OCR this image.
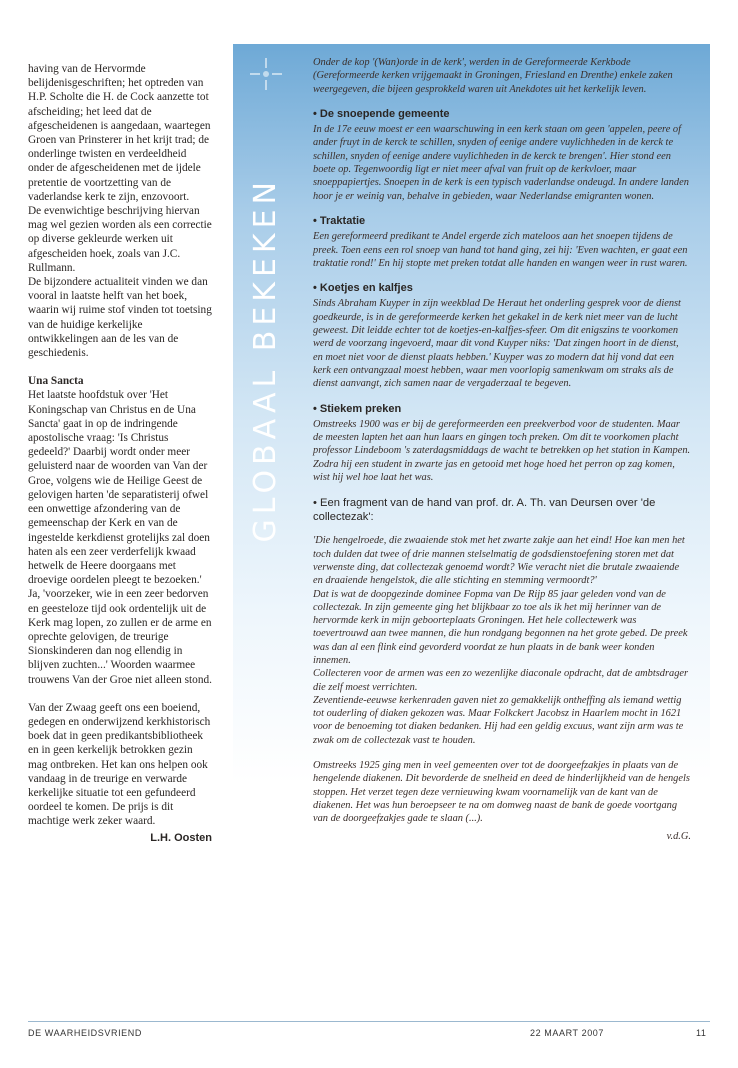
having van de Hervormde belijdenisgeschriften; het optreden van H.P. Scholte die H. de Cock aanzette tot afscheiding; het leed dat de afgescheidenen is aangedaan, waartegen Groen van Prinsterer in het krijt trad; de onderlinge twisten en verdeeldheid onder de afgescheidenen met de ijdele pretentie de voortzetting van de vaderlandse kerk te zijn, enzovoort.

De evenwichtige beschrijving hiervan mag wel gezien worden als een correctie op diverse gekleurde werken uit afgescheiden hoek, zoals van J.C. Rullmann.

De bijzondere actualiteit vinden we dan vooral in laatste helft van het boek, waarin wij ruime stof vinden tot toetsing van de huidige kerkelijke ontwikkelingen aan de les van de geschiedenis.

Una Sancta

Het laatste hoofdstuk over 'Het Koningschap van Christus en de Una Sancta' gaat in op de indringende apostolische vraag: 'Is Christus gedeeld?' Daarbij wordt onder meer geluisterd naar de woorden van Van der Groe, volgens wie de Heilige Geest de gelovigen harten 'de separatisterij ofwel een onwettige afzondering van de gemeenschap der Kerk en van de ingestelde kerkdienst grotelijks zal doen haten als een zeer verderfelijk kwaad hetwelk de Heere doorgaans met droevige oordelen pleegt te bezoeken.'

Ja, 'voorzeker, wie in een zeer bedorven en geesteloze tijd ook ordentelijk uit de Kerk mag lopen, zo zullen er de arme en oprechte gelovigen, de treurige Sionskinderen dan nog ellendig in blijven zuchten...' Woorden waarmee trouwens Van der Groe niet alleen stond.

Van der Zwaag geeft ons een boeiend, gedegen en onderwijzend kerkhistorisch boek dat in geen predikantsbibliotheek en in geen kerkelijk betrokken gezin mag ontbreken. Het kan ons helpen ook vandaag in de treurige en verwarde kerkelijke situatie tot een gefundeerd oordeel te komen. De prijs is dit machtige werk zeker waard.

L.H. Oosten

GLOBAAL BEKEKEN

Onder de kop '(Wan)orde in de kerk', werden in de Gereformeerde Kerkbode (Gereformeerde kerken vrijgemaakt in Groningen, Friesland en Drenthe) enkele zaken weergegeven, die bijeen gesprokkeld waren uit Anekdotes uit het kerkelijk leven.

• De snoepende gemeente

In de 17e eeuw moest er een waarschuwing in een kerk staan om geen 'appelen, peere of ander fruyt in de kerck te schillen, snyden of eenige andere vuylichheden in de kerck te schillen, snyden of eenige andere vuylichheden in de kerck te brengen'. Hier stond een boete op. Tegenwoordig ligt er niet meer afval van fruit op de kerkvloer, maar snoeppapiertjes. Snoepen in de kerk is een typisch vaderlandse ondeugd. In andere landen hoor je er weinig van, behalve in gebieden, waar Nederlandse emigranten wonen.

• Traktatie

Een gereformeerd predikant te Andel ergerde zich mateloos aan het snoepen tijdens de preek. Toen eens een rol snoep van hand tot hand ging, zei hij: 'Even wachten, er gaat een traktatie rond!' En hij stopte met preken totdat alle handen en wangen weer in rust waren.

• Koetjes en kalfjes

Sinds Abraham Kuyper in zijn weekblad De Heraut het onderling gesprek voor de dienst goedkeurde, is in de gereformeerde kerken het gekakel in de kerk niet meer van de lucht geweest. Dit leidde echter tot de koetjes-en-kalfjes-sfeer. Om dit enigszins te voorkomen werd de voorzang ingevoerd, maar dit vond Kuyper niks: 'Dat zingen hoort in de dienst, en moet niet voor de dienst plaats hebben.' Kuyper was zo modern dat hij vond dat een kerk een ontvangzaal moest hebben, waar men voorlopig samenkwam om straks als de dienst aanvangt, zich samen naar de vergaderzaal te begeven.

• Stiekem preken

Omstreeks 1900 was er bij de gereformeerden een preekverbod voor de studenten. Maar de meesten lapten het aan hun laars en gingen toch preken. Om dit te voorkomen placht professor Lindeboom 's zaterdagsmiddags de wacht te betrekken op het station in Kampen. Zodra hij een student in zwarte jas en getooid met hoge hoed het perron op zag komen, wist hij wel hoe laat het was.

• Een fragment van de hand van prof. dr. A. Th. van Deursen over 'de collectezak':

'Die hengelroede, die zwaaiende stok met het zwarte zakje aan het eind! Hoe kan men het toch dulden dat twee of drie mannen stelselmatig de godsdienstoefening storen met dat verwenste ding, dat collectezak genoemd wordt? Wie veracht niet die brutale zwaaiende en draaiende hengelstok, die alle stichting en stemming vermoordt?'

Dat is wat de doopgezinde dominee Fopma van De Rijp 85 jaar geleden vond van de collectezak. In zijn gemeente ging het blijkbaar zo toe als ik het mij herinner van de hervormde kerk in mijn geboorteplaats Groningen. Het hele collectewerk was toevertrouwd aan twee mannen, die hun rondgang begonnen na het grote gebed. De preek was dan al een flink eind gevorderd voordat ze hun plaats in de bank weer konden innemen.

Collecteren voor de armen was een zo wezenlijke diaconale opdracht, dat de ambtsdrager die zelf moest verrichten.

Zeventiende-eeuwse kerkenraden gaven niet zo gemakkelijk ontheffing als iemand wettig tot ouderling of diaken gekozen was. Maar Folkckert Jacobsz in Haarlem mocht in 1621 voor de benoeming tot diaken bedanken. Hij had een geldig excuus, want zijn arm was te zwak om de collectezak vast te houden.

Omstreeks 1925 ging men in veel gemeenten over tot de doorgeefzakjes in plaats van de hengelende diakenen. Dit bevorderde de snelheid en deed de hinderlijkheid van de hengels stoppen. Het verzet tegen deze vernieuwing kwam voornamelijk van de kant van de diakenen. Het was hun beroepseer te na om domweg naast de bank de goede voortgang van de doorgeefzakjes gade te slaan (...).

v.d.G.

DE WAARHEIDSVRIEND	22 MAART 2007	11
